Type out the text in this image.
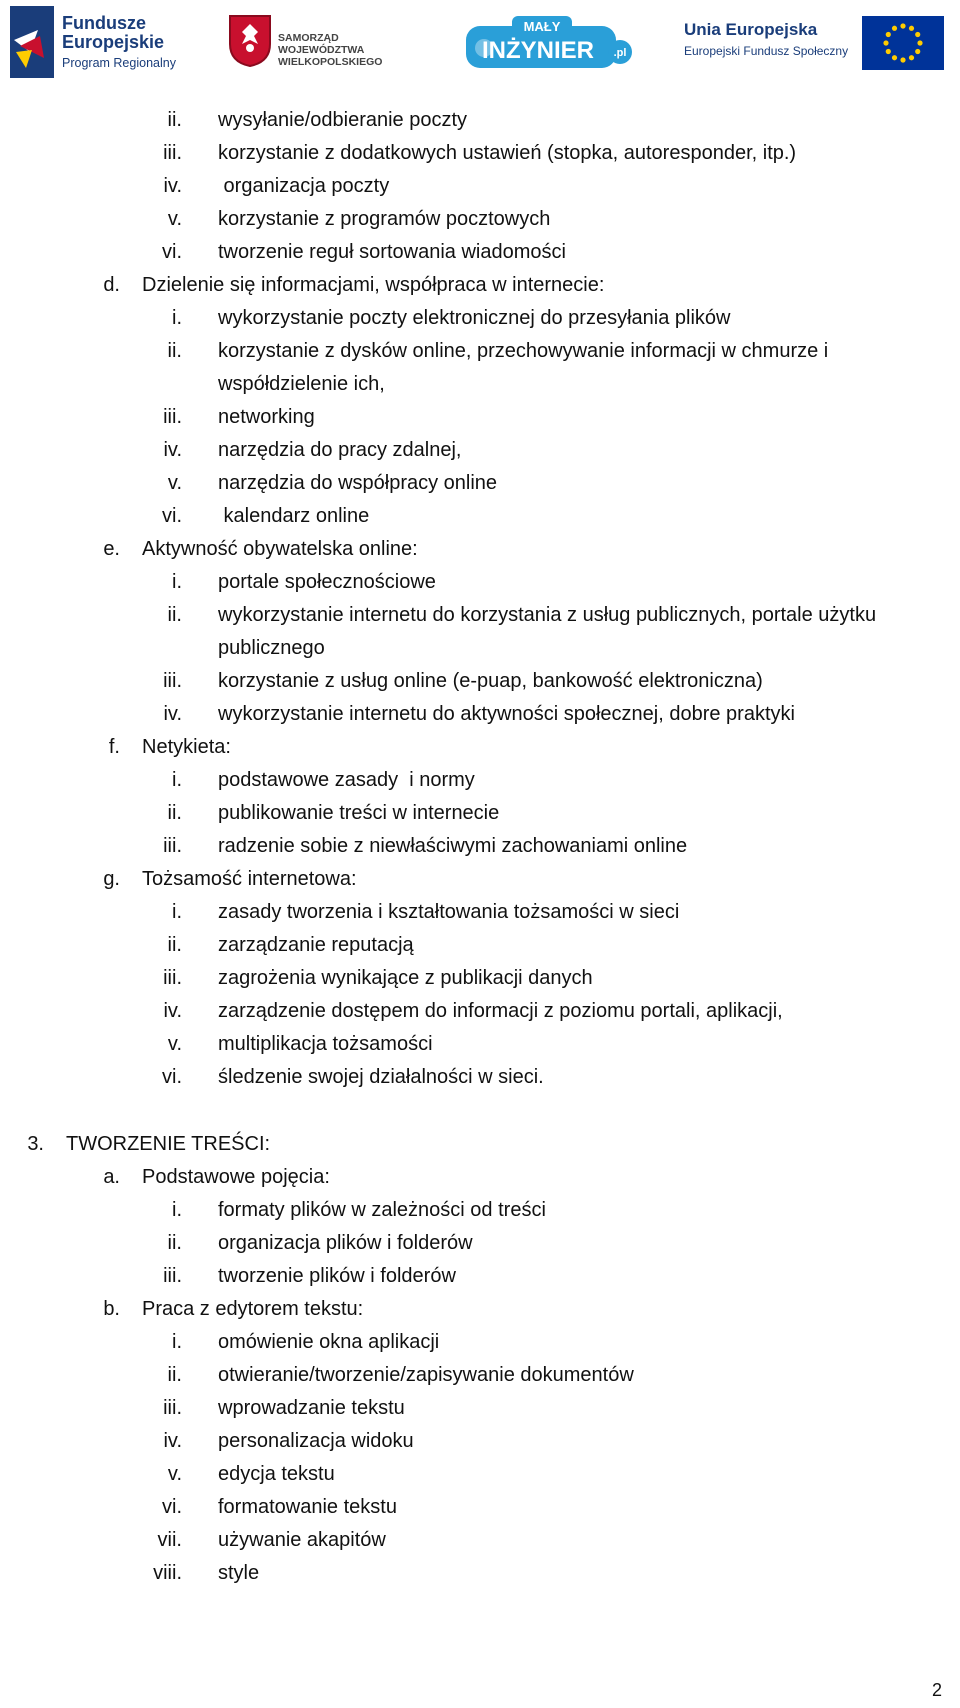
Fundusze
Europejskie
Program Regionalny
SAMORZĄD WOJEWÓDZTWA
WIELKOPOLSKIEGO
MAŁY
INŻYNIER .pl
Unia Europejska
Europejski Fundusz Społeczny
ii. wysyłanie/odbieranie poczty
iii. korzystanie z dodatkowych ustawień (stopka, autoresponder, itp.)
iv. organizacja poczty
v. korzystanie z programów pocztowych
vi. tworzenie reguł sortowania wiadomości
d. Dzielenie się informacjami, współpraca w internecie:
i. wykorzystanie poczty elektronicznej do przesyłania plików
ii. korzystanie z dysków online, przechowywanie informacji w chmurze i
współdzielenie ich,
iii. networking
iv. narzędzia do pracy zdalnej,
v. narzędzia do współpracy online
vi. kalendarz online
e. Aktywność obywatelska online:
i. portale społecznościowe
ii. wykorzystanie internetu do korzystania z usług publicznych, portale użytku
publicznego
iii. korzystanie z usług online (e-puap, bankowość elektroniczna)
iv. wykorzystanie internetu do aktywności społecznej, dobre praktyki
f. Netykieta:
i. podstawowe zasady  i normy
ii. publikowanie treści w internecie
iii. radzenie sobie z niewłaściwymi zachowaniami online
g. Tożsamość internetowa:
i. zasady tworzenia i kształtowania tożsamości w sieci
ii. zarządzanie reputacją
iii. zagrożenia wynikające z publikacji danych
iv. zarządzenie dostępem do informacji z poziomu portali, aplikacji,
v. multiplikacja tożsamości
vi. śledzenie swojej działalności w sieci.
3. TWORZENIE TREŚCI:
a. Podstawowe pojęcia:
i. formaty plików w zależności od treści
ii. organizacja plików i folderów
iii. tworzenie plików i folderów
b. Praca z edytorem tekstu:
i. omówienie okna aplikacji
ii. otwieranie/tworzenie/zapisywanie dokumentów
iii. wprowadzanie tekstu
iv. personalizacja widoku
v. edycja tekstu
vi. formatowanie tekstu
vii. używanie akapitów
viii. style
2
